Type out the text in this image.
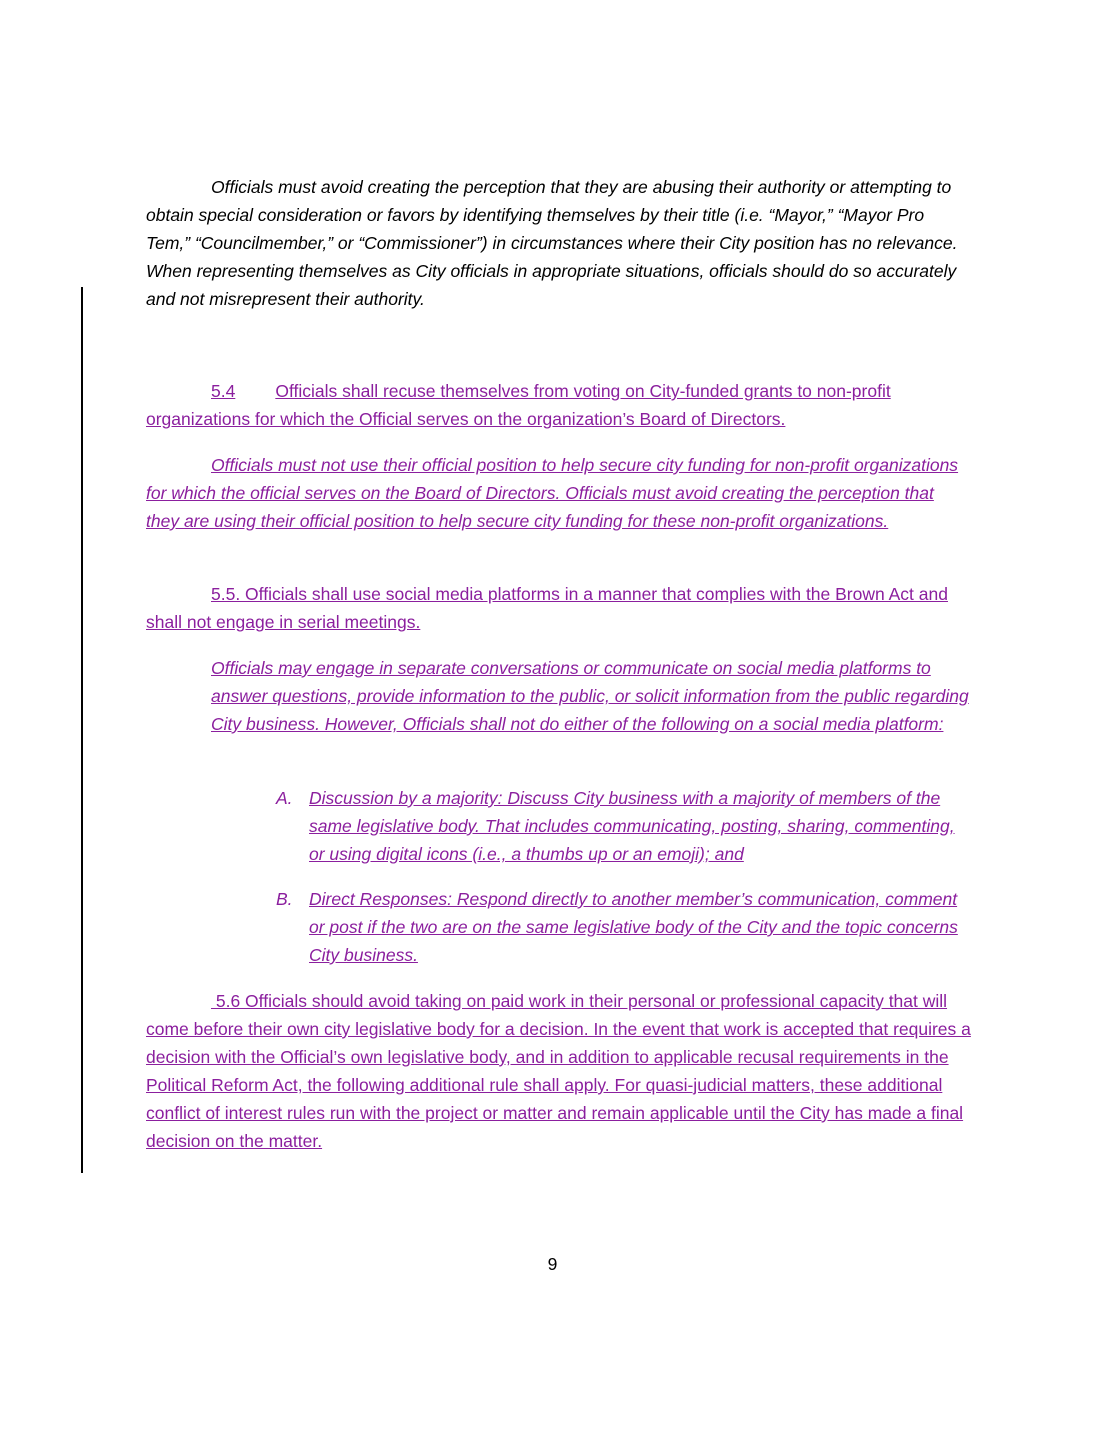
Officials must avoid creating the perception that they are abusing their authority or attempting to obtain special consideration or favors by identifying themselves by their title (i.e. “Mayor,” “Mayor Pro Tem,” “Councilmember,” or “Commissioner”) in circumstances where their City position has no relevance. When representing themselves as City officials in appropriate situations, officials should do so accurately and not misrepresent their authority.

5.4 Officials shall recuse themselves from voting on City-funded grants to non-profit organizations for which the Official serves on the organization’s Board of Directors.

Officials must not use their official position to help secure city funding for non-profit organizations for which the official serves on the Board of Directors. Officials must avoid creating the perception that they are using their official position to help secure city funding for these non-profit organizations.

5.5. Officials shall use social media platforms in a manner that complies with the Brown Act and shall not engage in serial meetings.

Officials may engage in separate conversations or communicate on social media platforms to answer questions, provide information to the public, or solicit information from the public regarding City business. However, Officials shall not do either of the following on a social media platform:

A. Discussion by a majority: Discuss City business with a majority of members of the same legislative body. That includes communicating, posting, sharing, commenting, or using digital icons (i.e., a thumbs up or an emoji); and

B. Direct Responses: Respond directly to another member’s communication, comment or post if the two are on the same legislative body of the City and the topic concerns City business.

5.6 Officials should avoid taking on paid work in their personal or professional capacity that will come before their own city legislative body for a decision. In the event that work is accepted that requires a decision with the Official’s own legislative body, and in addition to applicable recusal requirements in the Political Reform Act, the following additional rule shall apply. For quasi-judicial matters, these additional conflict of interest rules run with the project or matter and remain applicable until the City has made a final decision on the matter.

9
